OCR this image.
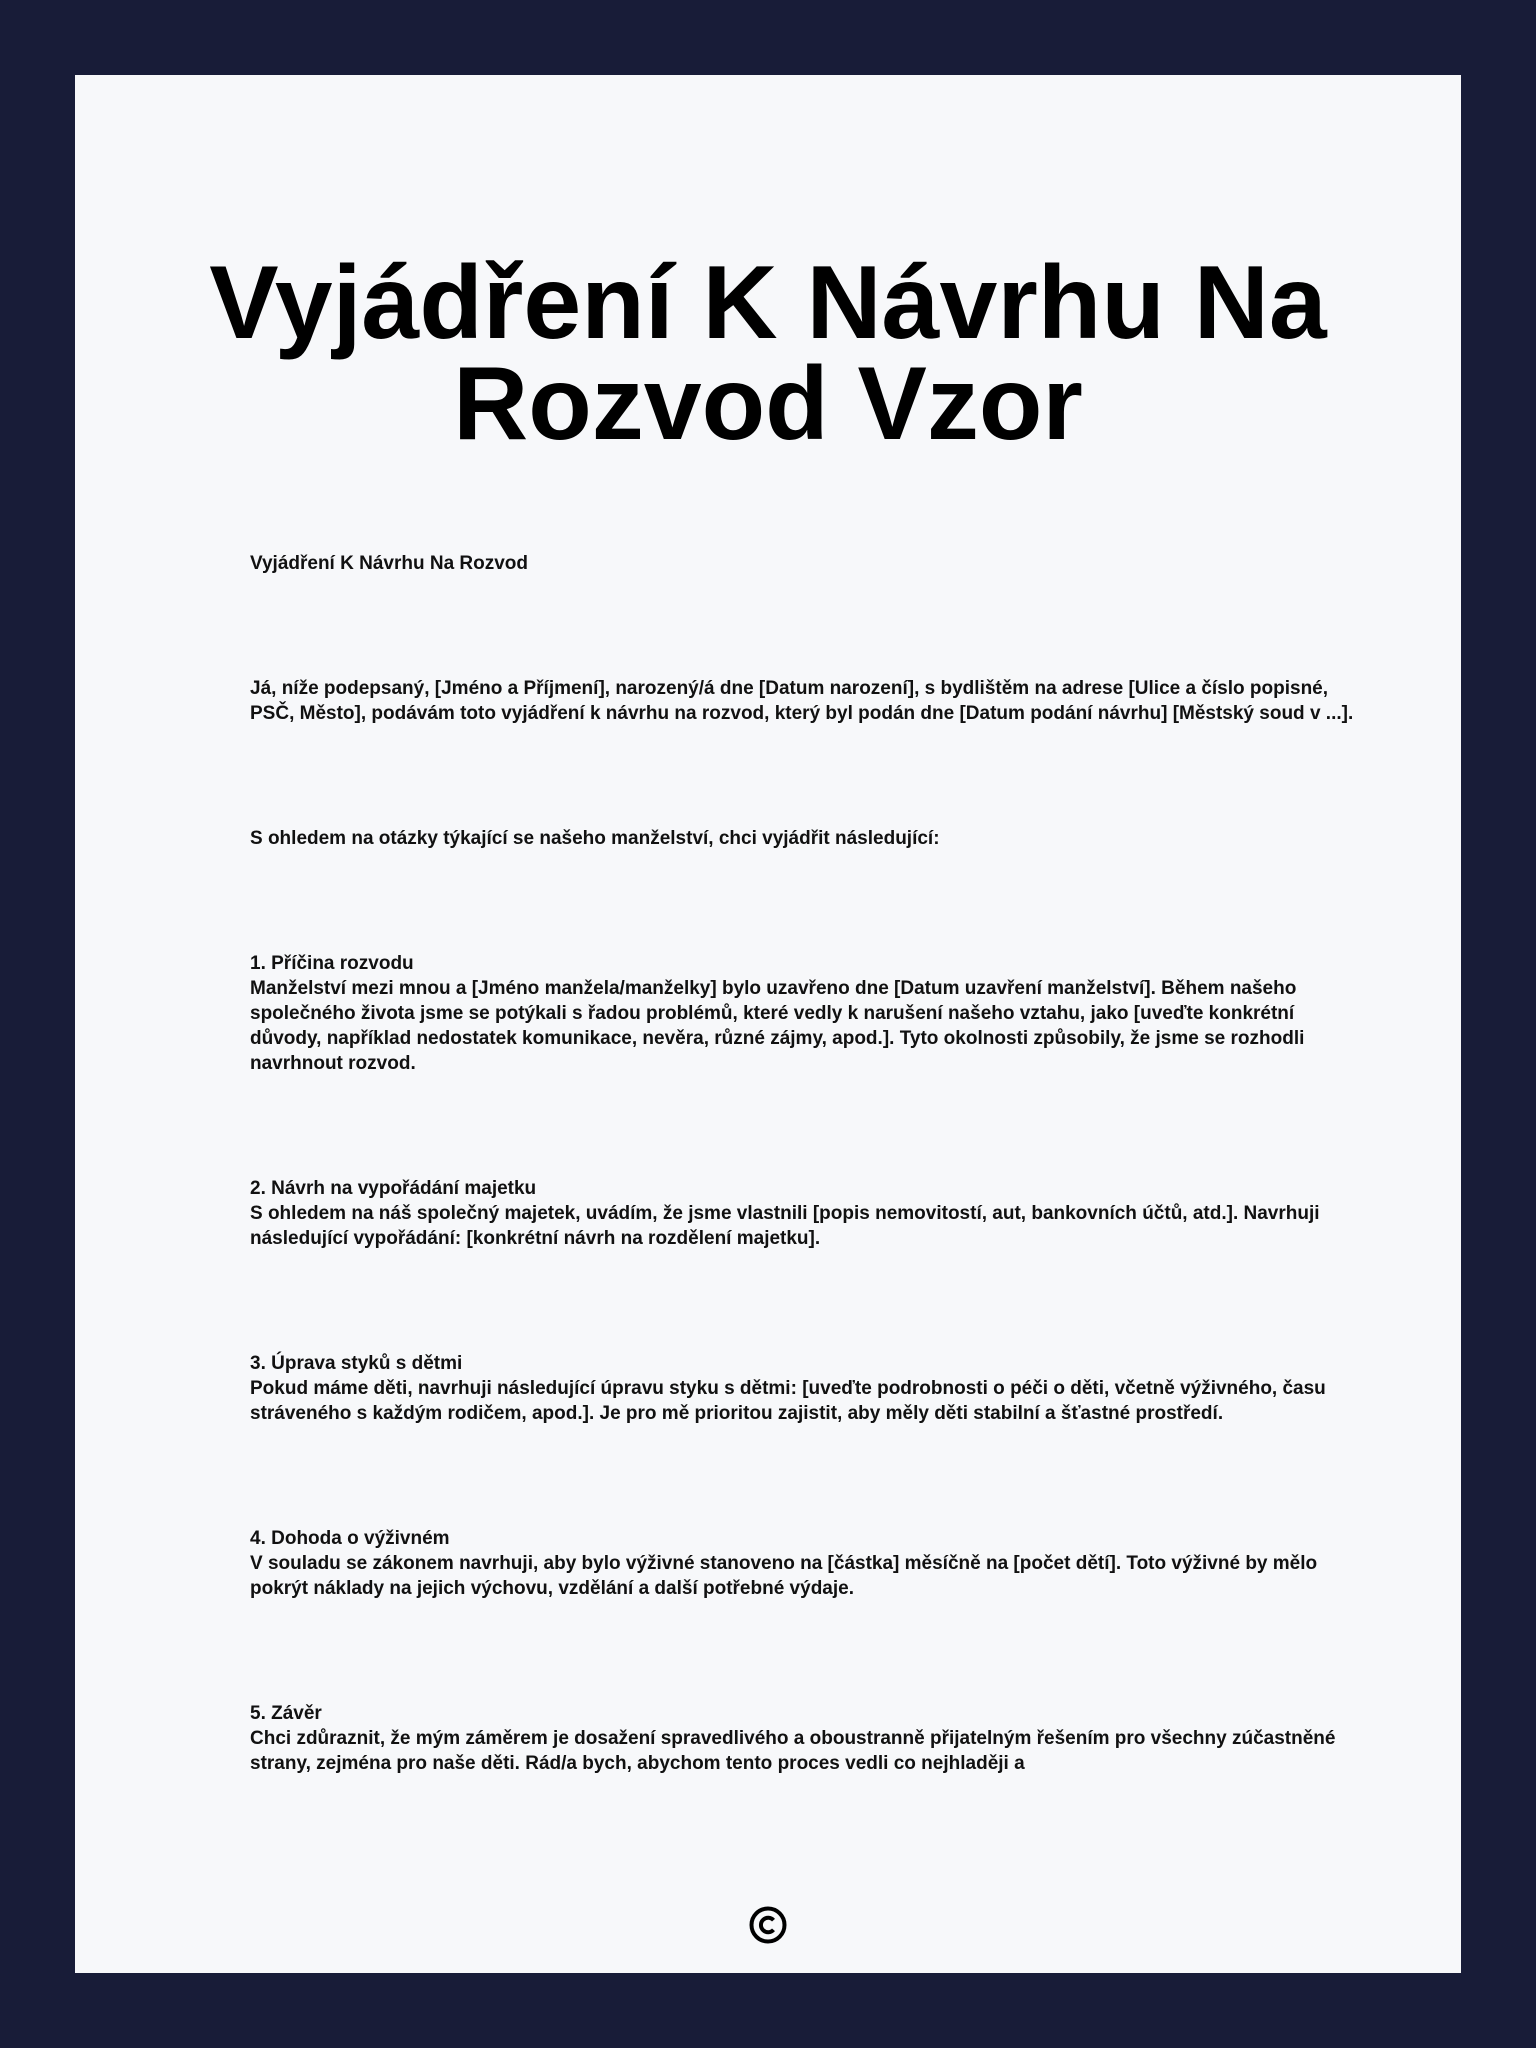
Vyjádření K Návrhu Na Rozvod Vzor

Vyjádření K Návrhu Na Rozvod

Já, níže podepsaný, [Jméno a Příjmení], narozený/á dne [Datum narození], s bydlištěm na adrese [Ulice a číslo popisné, PSČ, Město], podávám toto vyjádření k návrhu na rozvod, který byl podán dne [Datum podání návrhu] [Městský soud v ...].

S ohledem na otázky týkající se našeho manželství, chci vyjádřit následující:

1. Příčina rozvodu

Manželství mezi mnou a [Jméno manžela/manželky] bylo uzavřeno dne [Datum uzavření manželství]. Během našeho společného života jsme se potýkali s řadou problémů, které vedly k narušení našeho vztahu, jako [uveďte konkrétní důvody, například nedostatek komunikace, nevěra, různé zájmy, apod.]. Tyto okolnosti způsobily, že jsme se rozhodli navrhnout rozvod.

2. Návrh na vypořádání majetku

S ohledem na náš společný majetek, uvádím, že jsme vlastnili [popis nemovitostí, aut, bankovních účtů, atd.]. Navrhuji následující vypořádání: [konkrétní návrh na rozdělení majetku].

3. Úprava styků s dětmi

Pokud máme děti, navrhuji následující úpravu styku s dětmi: [uveďte podrobnosti o péči o děti, včetně výživného, času stráveného s každým rodičem, apod.]. Je pro mě prioritou zajistit, aby měly děti stabilní a šťastné prostředí.

4. Dohoda o výživném

V souladu se zákonem navrhuji, aby bylo výživné stanoveno na [částka] měsíčně na [počet dětí]. Toto výživné by mělo pokrýt náklady na jejich výchovu, vzdělání a další potřebné výdaje.

5. Závěr

Chci zdůraznit, že mým záměrem je dosažení spravedlivého a oboustranně přijatelným řešením pro všechny zúčastněné strany, zejména pro naše děti. Rád/a bych, abychom tento proces vedli co nejhlaději a
